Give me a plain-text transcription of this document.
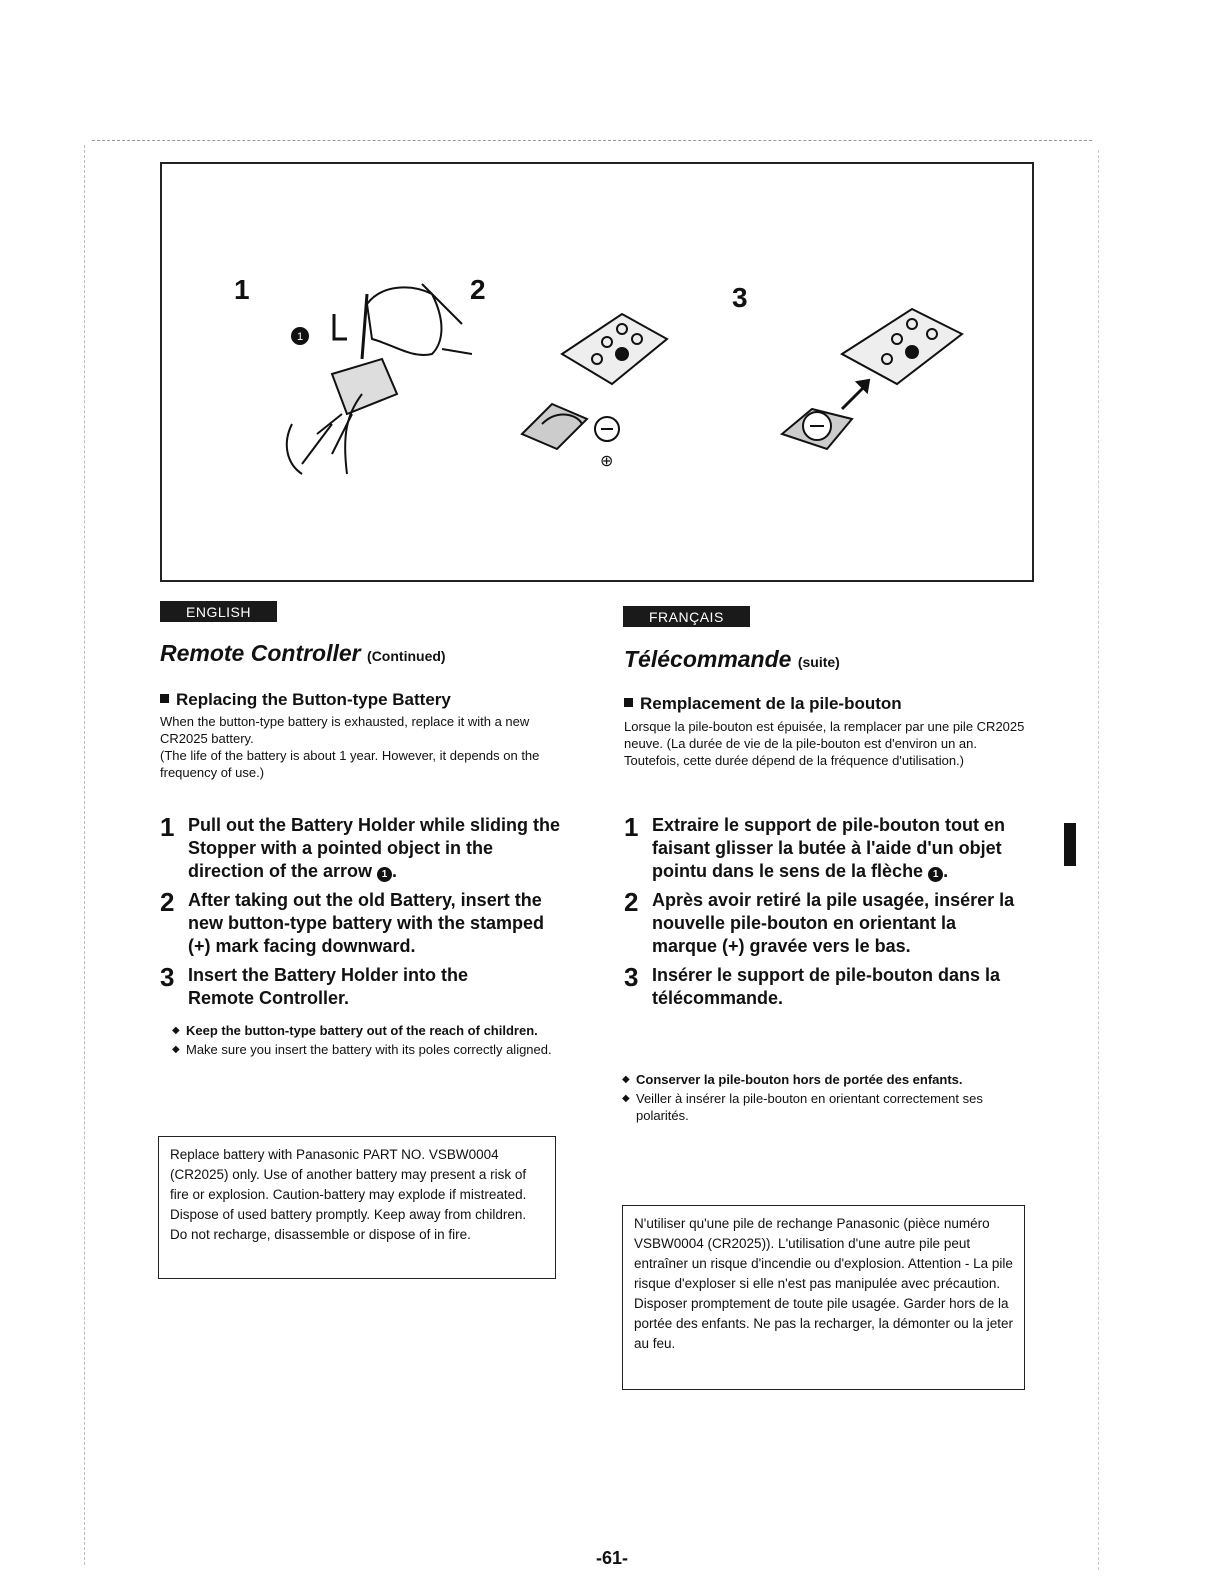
1	2	3
1
⊕
ENGLISH
Remote Controller (Continued)
Replacing the Button-type Battery
When the button-type battery is exhausted, replace it with a new CR2025 battery.
(The life of the battery is about 1 year. However, it depends on the frequency of use.)
1 Pull out the Battery Holder while sliding the Stopper with a pointed object in the direction of the arrow 1 .
2 After taking out the old Battery, insert the new button-type battery with the stamped (+) mark facing downward.
3 Insert the Battery Holder into the Remote Controller.
◆ Keep the button-type battery out of the reach of children.
◆ Make sure you insert the battery with its poles correctly aligned.
Replace battery with Panasonic PART NO. VSBW0004 (CR2025) only. Use of another battery may present a risk of fire or explosion. Caution-battery may explode if mistreated. Dispose of used battery promptly. Keep away from children. Do not recharge, disassemble or dispose of in fire.
FRANÇAIS
Télécommande (suite)
Remplacement de la pile-bouton
Lorsque la pile-bouton est épuisée, la remplacer par une pile CR2025 neuve. (La durée de vie de la pile-bouton est d'environ un an. Toutefois, cette durée dépend de la fréquence d'utilisation.)
1 Extraire le support de pile-bouton tout en faisant glisser la butée à l'aide d'un objet pointu dans le sens de la flèche 1 .
2 Après avoir retiré la pile usagée, insérer la nouvelle pile-bouton en orientant la marque (+) gravée vers le bas.
3 Insérer le support de pile-bouton dans la télécommande.
◆ Conserver la pile-bouton hors de portée des enfants.
◆ Veiller à insérer la pile-bouton en orientant correctement ses polarités.
N'utiliser qu'une pile de rechange Panasonic (pièce numéro VSBW0004 (CR2025)). L'utilisation d'une autre pile peut entraîner un risque d'incendie ou d'explosion. Attention - La pile risque d'exploser si elle n'est pas manipulée avec précaution. Disposer promptement de toute pile usagée. Garder hors de la portée des enfants. Ne pas la recharger, la démonter ou la jeter au feu.
-61-
